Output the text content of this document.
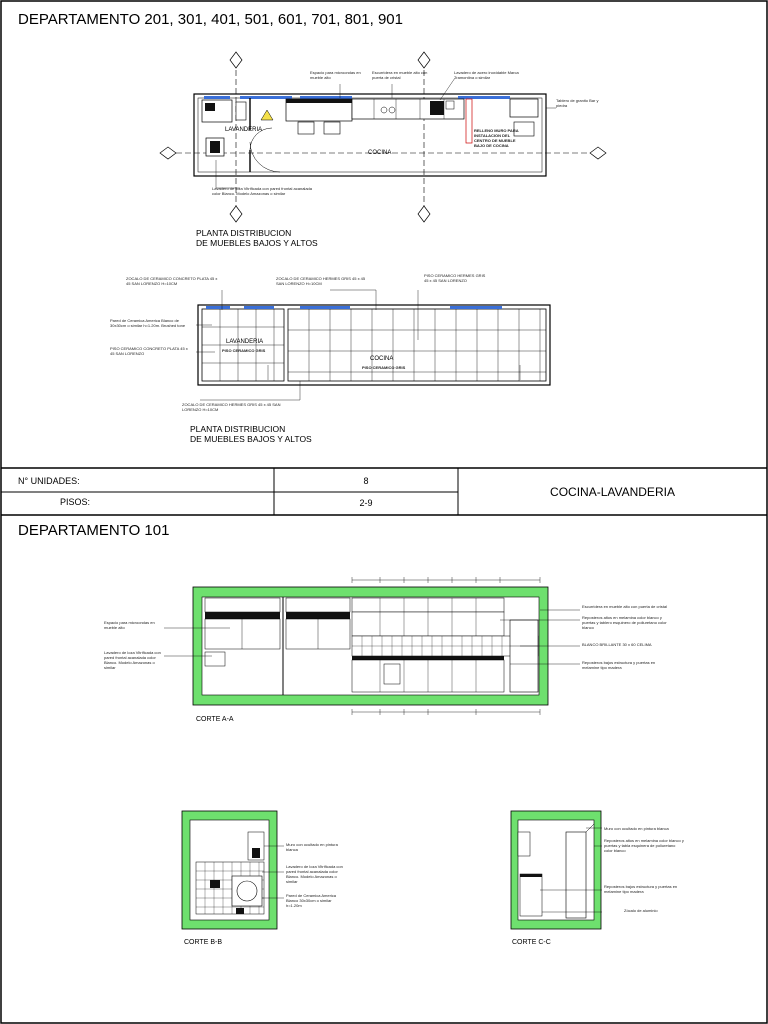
DEPARTAMENTO 201, 301, 401, 501, 601, 701, 801, 901
Espacio para microondas en mueble alto
Escurridera en mueble alto con puerta de cristal
Lavadero de acero inoxidable Marca Tramontina o similar
Tablero de granito Bar y piedra
RELLENO MURO PARA INSTALACION DEL CENTRO DE MUEBLE BAJO DE COCINA
Lavadero de loza Vitrificada con pared frontal acanalada color Blanco. Modelo Amazonas o similar
LAVANDERIA
COCINA
PLANTA DISTRIBUCION
DE MUEBLES BAJOS Y ALTOS
ZOCALO DE CERAMICO CONCRETO PLATA 45 x 45 SAN LORENZO H=10CM
ZOCALO DE CERAMICO HERMES GRIS 45 x 45 SAN LORENZO H=10CM
PISO CERAMICO HERMES GRIS 45 x 45 SAN LORENZO
Pared de Ceramica America Blanco de 30x30cm o similar h=1.20m. Brushed tone
PISO CERAMICO CONCRETO PLATA 45 x 45 SAN LORENZO
ZOCALO DE CERAMICO HERMES GRIS 45 x 45 SAN LORENZO H=10CM
LAVANDERIA
PISO CERAMICO GRIS
COCINA
PISO CERAMICO GRIS
PLANTA DISTRIBUCION
DE MUEBLES BAJOS Y ALTOS
N° UNIDADES:	8
PISOS:	2-9
COCINA-LAVANDERIA
DEPARTAMENTO 101
Espacio para microondas en mueble alto
Lavadero de loza Vitrificada con pared frontal acanalada color Blanco. Modelo Amazonas o similar
Escurridera en mueble alto con puerta de cristal
Reposteros altos en melamina color blanco y puertas y tablero esquinero de poliuretano color blanco
BLANCO BRILLANTE 30 x 60 CELIMA
Reposteros bajos estructura y puertas en melamine tipo madera
CORTE A-A
Muro con ocultado en pintura blanca
Lavadero de loza Vitrificada con pared frontal acanalada color Blanco. Modelo Amazonas o similar
Pared de Ceramica America Blanco 30x30cm o similar h=1.20m
CORTE B-B
Muro con ocultado en pintura blanca
Reposteros altos en melamina color blanco y puertas y tabla esquinera de poliuretano color blanco
Reposteros bajos estructura y puertas en melamine tipo madera
Zócalo de aluminio
CORTE C-C
